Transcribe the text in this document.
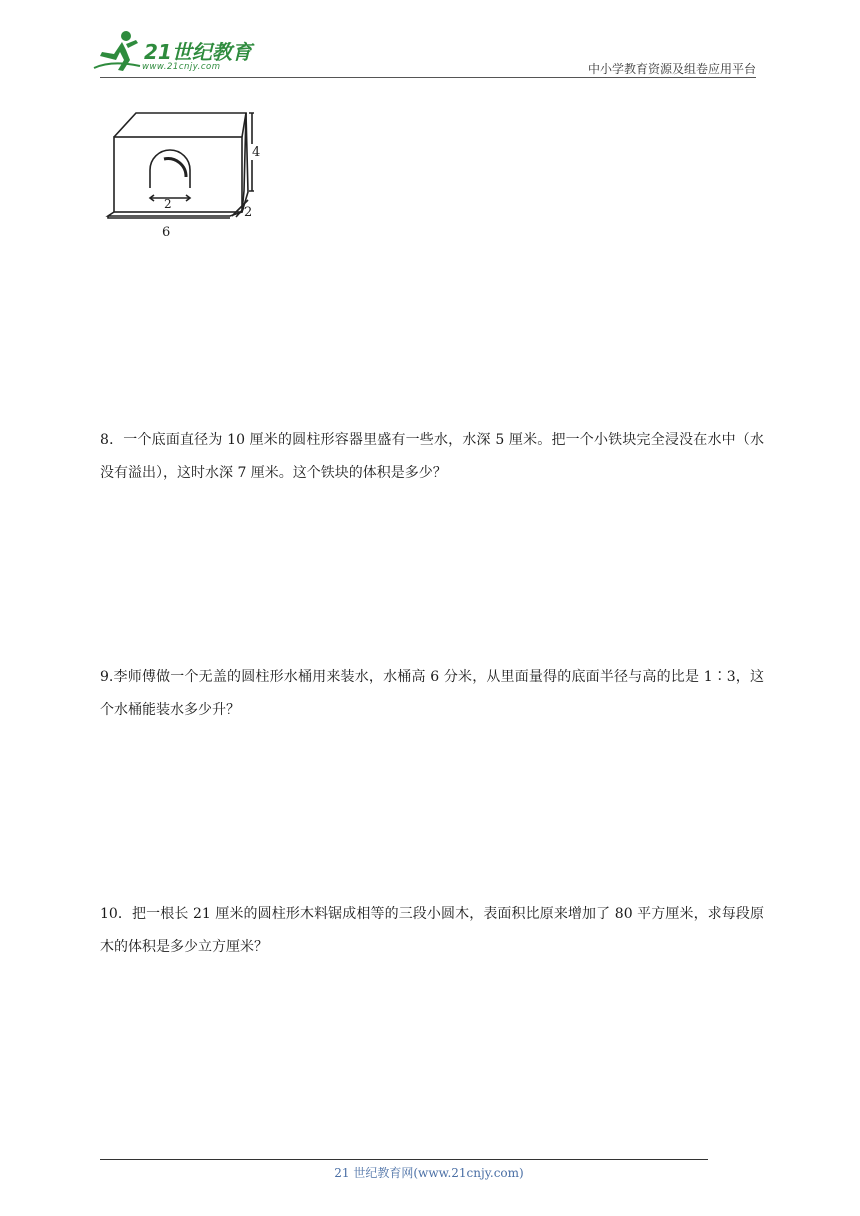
21世纪教育
www.21cnjy.com	中小学教育资源及组卷应用平台
4
2
2
6
8．一个底面直径为 10 厘米的圆柱形容器里盛有一些水，水深 5 厘米。把一个小铁块完全浸没在水中（水没有溢出），这时水深 7 厘米。这个铁块的体积是多少？
9.李师傅做一个无盖的圆柱形水桶用来装水，水桶高 6 分米，从里面量得的底面半径与高的比是 1∶3，这个水桶能装水多少升？
10．把一根长 21 厘米的圆柱形木料锯成相等的三段小圆木，表面积比原来增加了 80 平方厘米，求每段原木的体积是多少立方厘米？
21 世纪教育网(www.21cnjy.com)
